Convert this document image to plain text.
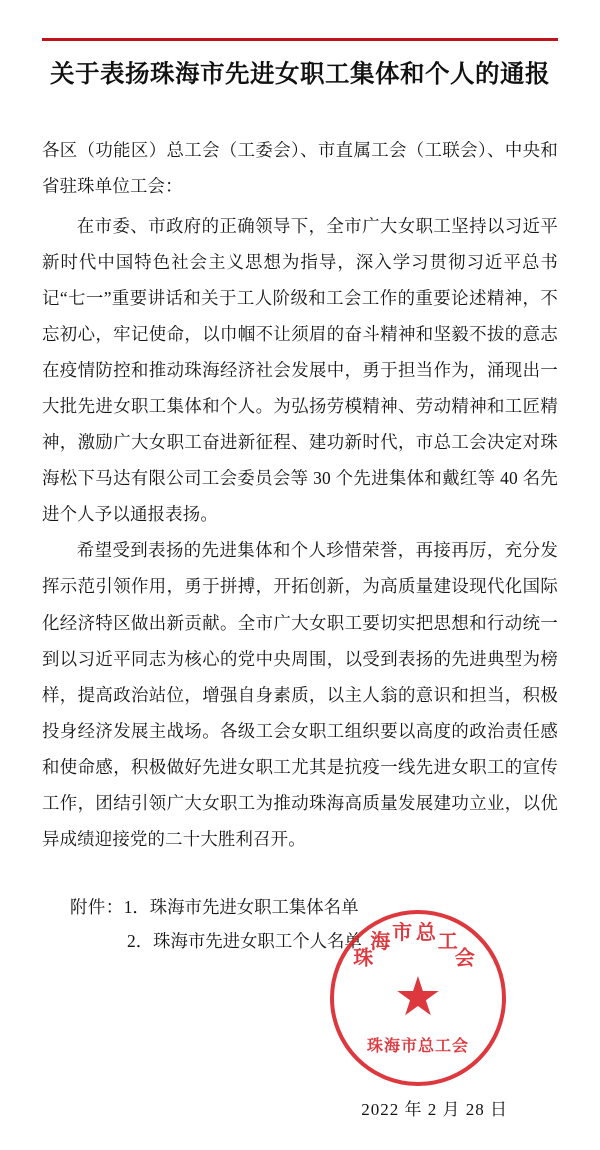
关于表扬珠海市先进女职工集体和个人的通报

各区（功能区）总工会（工委会）、市直属工会（工联会）、中央和省驻珠单位工会：

在市委、市政府的正确领导下，全市广大女职工坚持以习近平新时代中国特色社会主义思想为指导，深入学习贯彻习近平总书记“七一”重要讲话和关于工人阶级和工会工作的重要论述精神，不忘初心，牢记使命，以巾帼不让须眉的奋斗精神和坚毅不拔的意志在疫情防控和推动珠海经济社会发展中，勇于担当作为，涌现出一大批先进女职工集体和个人。为弘扬劳模精神、劳动精神和工匠精神，激励广大女职工奋进新征程、建功新时代，市总工会决定对珠海松下马达有限公司工会委员会等 30 个先进集体和戴红等 40 名先进个人予以通报表扬。

希望受到表扬的先进集体和个人珍惜荣誉，再接再厉，充分发挥示范引领作用，勇于拼搏，开拓创新，为高质量建设现代化国际化经济特区做出新贡献。全市广大女职工要切实把思想和行动统一到以习近平同志为核心的党中央周围，以受到表扬的先进典型为榜样，提高政治站位，增强自身素质，以主人翁的意识和担当，积极投身经济发展主战场。各级工会女职工组织要以高度的政治责任感和使命感，积极做好先进女职工尤其是抗疫一线先进女职工的宣传工作，团结引领广大女职工为推动珠海高质量发展建功立业，以优异成绩迎接党的二十大胜利召开。

附件：1．珠海市先进女职工集体名单
2．珠海市先进女职工个人名单
珠
海 市 总 工
会
★
珠海市总工会
2022 年 2 月 28 日
